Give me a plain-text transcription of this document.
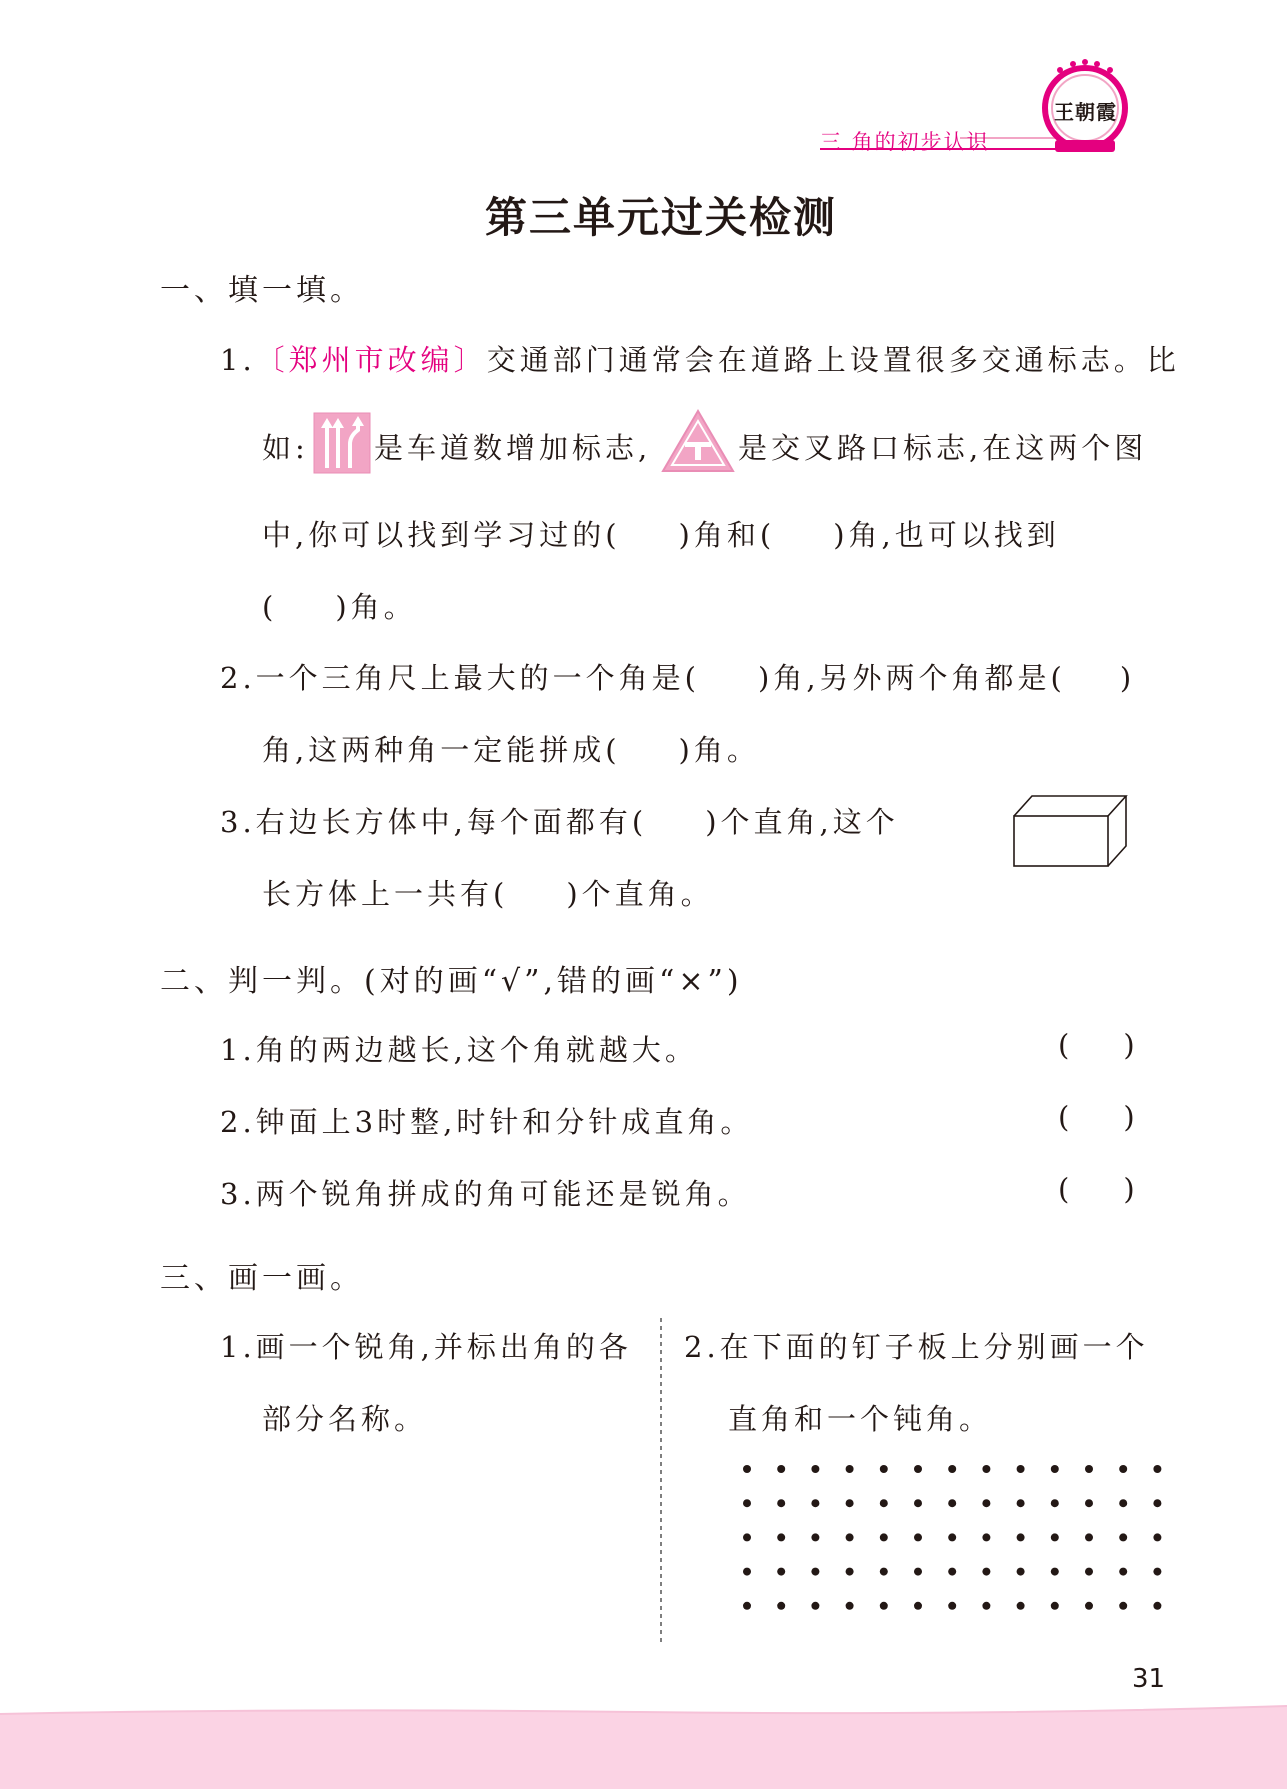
三 角的初步认识
王朝霞
第三单元过关检测
一、填一填。
1.〔郑州市改编〕交通部门通常会在道路上设置很多交通标志。比
如: 是车道数增加标志,	是交叉路口标志,在这两个图
中,你可以找到学习过的( )角和( )角,也可以找到
( )角。
2.一个三角尺上最大的一个角是( )角,另外两个角都是( )
角,这两种角一定能拼成( )角。
3.右边长方体中,每个面都有( )个直角,这个
长方体上一共有( )个直角。
二、判一判。(对的画“√”,错的画“×”)
1.角的两边越长,这个角就越大。	( )
2.钟面上3时整,时针和分针成直角。	( )
3.两个锐角拼成的角可能还是锐角。	( )
三、画一画。
1.画一个锐角,并标出角的各
部分名称。
2.在下面的钉子板上分别画一个
直角和一个钝角。
31
